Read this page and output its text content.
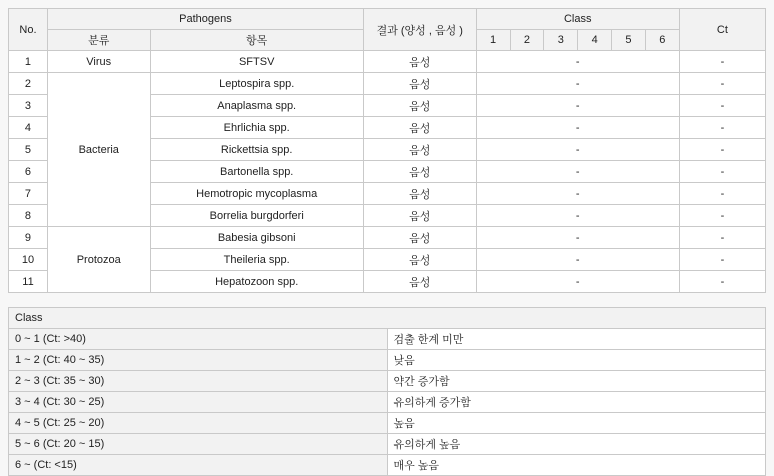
No.	Pathogens		결과 (양성 , 음성 )	Class						Ct
	분류	항목		1	2	3	4	5	6	
1	Virus	SFTSV	음성	-						-
2	Bacteria	Leptospira spp.	음성	-						-
3		Anaplasma spp.	음성	-						-
4		Ehrlichia spp.	음성	-						-
5		Rickettsia spp.	음성	-						-
6		Bartonella spp.	음성	-						-
7		Hemotropic mycoplasma	음성	-						-
8		Borrelia burgdorferi	음성	-						-
9	Protozoa	Babesia gibsoni	음성	-						-
10		Theileria spp.	음성	-						-
11		Hepatozoon spp.	음성	-						-
Class	
0 ~ 1 (Ct: >40)	검출 한계 미만
1 ~ 2 (Ct: 40 ~ 35)	낮음
2 ~ 3 (Ct: 35 ~ 30)	약간 증가함
3 ~ 4 (Ct: 30 ~ 25)	유의하게 증가함
4 ~ 5 (Ct: 25 ~ 20)	높음
5 ~ 6 (Ct: 20 ~ 15)	유의하게 높음
6 ~ (Ct: <15)	매우 높음
